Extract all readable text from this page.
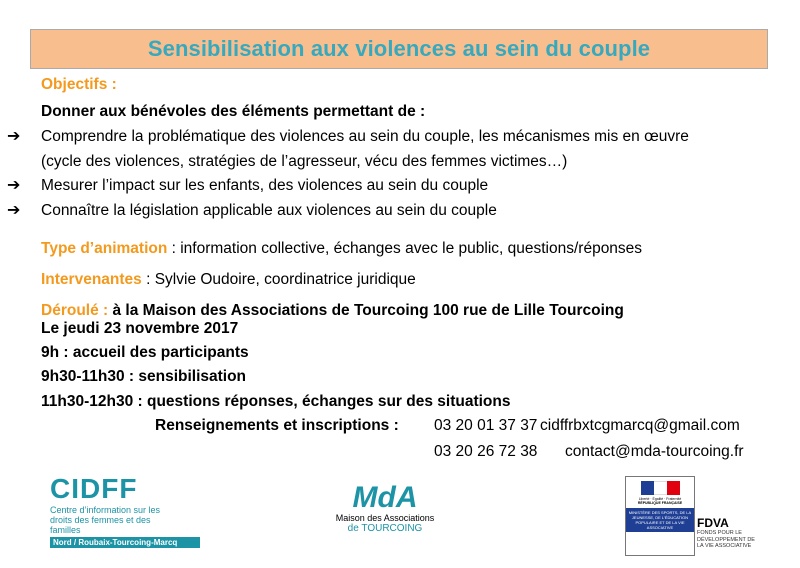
Sensibilisation aux violences au sein du couple
Objectifs :
Donner aux bénévoles des éléments permettant de :
➔ Comprendre la problématique des violences au sein du couple, les mécanismes mis en œuvre
(cycle des violences, stratégies de l’agresseur, vécu des femmes victimes…)
➔ Mesurer l’impact sur les enfants, des violences au sein du couple
➔ Connaître la législation applicable aux violences au sein du couple
Type d’animation : information collective, échanges avec le public, questions/réponses
Intervenantes : Sylvie Oudoire, coordinatrice juridique
Déroulé : à la Maison des Associations de Tourcoing 100 rue de Lille Tourcoing
Le jeudi 23 novembre 2017
9h : accueil des participants
9h30-11h30 : sensibilisation
11h30-12h30 : questions réponses, échanges sur des situations
Renseignements et inscriptions : 03 20 01 37 37 cidffrbxtcgmarcq@gmail.com
03 20 26 72 38 contact@mda-tourcoing.fr
CIDFF
Centre d’information sur les droits des femmes et des familles
Nord / Roubaix-Tourcoing-Marcq
MdA
Maison des Associations
de TOURCOING
Liberté · Égalité · Fraternité
RÉPUBLIQUE FRANÇAISE
MINISTÈRE DES SPORTS, DE LA JEUNESSE, DE L’ÉDUCATION POPULAIRE ET DE LA VIE ASSOCIATIVE	FDVA
FONDS POUR LE DÉVELOPPEMENT DE LA VIE ASSOCIATIVE
